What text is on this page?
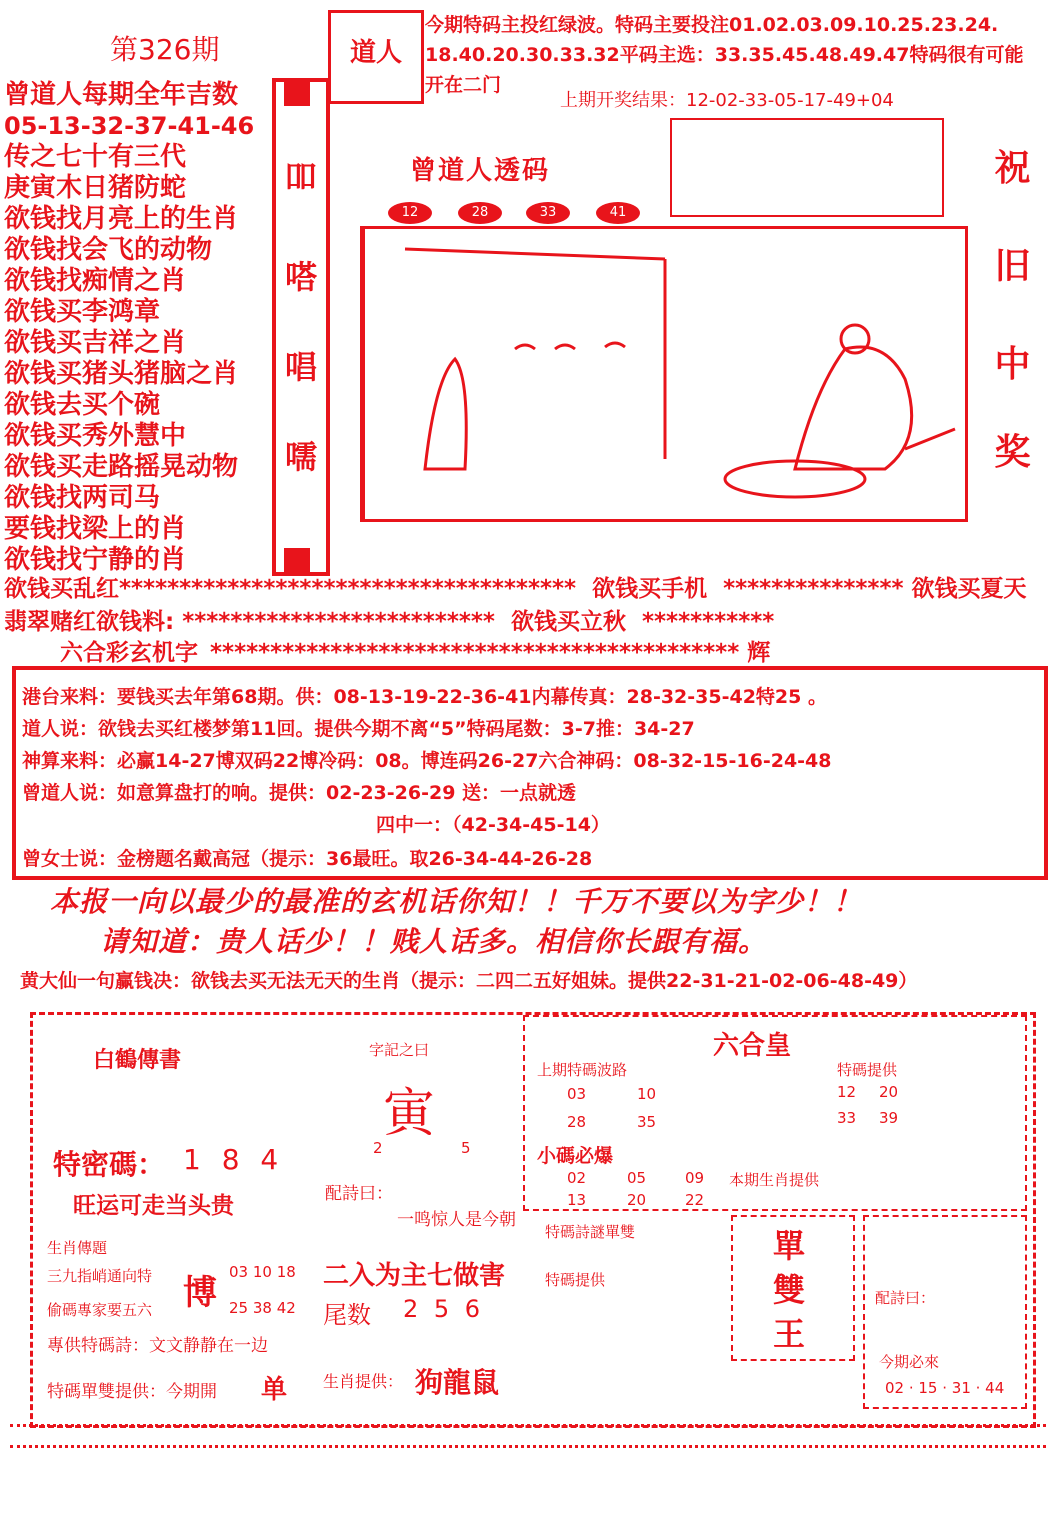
第326期	道人
今期特码主投红绿波。特码主要投注01.02.03.09.10.25.23.24.
18.40.20.30.33.32平码主选：33.35.45.48.49.47特码很有可能
开在二门
上期开奖结果：12-02-33-05-17-49+04
曾道人每期全年吉数
05-13-32-37-41-46
传之七十有三代
庚寅木日猪防蛇
欲钱找月亮上的生肖
欲钱找会飞的动物
欲钱找痴情之肖
欲钱买李鸿章
欲钱买吉祥之肖
欲钱买猪头猪脑之肖
欲钱去买个碗
欲钱买秀外慧中
欲钱买走路摇晃动物
欲钱找两司马
要钱找梁上的肖
欲钱找宁静的肖
吅
嗒
唱
嚅
曾道人透码
12	28	33	41
祝
旧
中
奖
欲钱买乱红************************************** 欲钱买手机 *************** 欲钱买夏天
翡翠赌红欲钱料: ************************** 欲钱买立秋 ***********
六合彩玄机字 ******************************************** 辉
港台来料：要钱买去年第68期。供：08-13-19-22-36-41内幕传真：28-32-35-42特25 。
道人说：欲钱去买红楼梦第11回。提供今期不离“5”特码尾数：3-7推：34-27
神算来料：必赢14-27博双码22博冷码：08。博连码26-27六合神码：08-32-15-16-24-48
曾道人说：如意算盘打的响。提供：02-23-26-29 送：一点就透
四中一：（42-34-45-14）
曾女士说：金榜题名戴高冠（提示：36最旺。取26-34-44-26-28
本报一向以最少的最准的玄机话你知！！千万不要以为字少！！
请知道：贵人话少！！贱人话多。相信你长跟有福。
黄大仙一句赢钱决：欲钱去买无法无天的生肖（提示：二四二五好姐妹。提供22-31-21-02-06-48-49）
白鶴傳書
特密碼： 1 8 4
旺运可走当头贵
生肖傳題
三九指峭通向特
偷碼專家要五六 博
03 10 18
25 38 42
專供特碼詩：文文静静在一边
特碼單雙提供：今期開 单
字記之曰
寅
2	5
配詩曰：
一鸣惊人是今朝
二入为主七做害
尾数 2 5 6
生肖提供： 狗龍鼠
六合皇
上期特碼波路	特碼提供
03	10
28	35
12 20
33 39
小碼必爆
02	05	09
13	20	22
本期生肖提供
特碼詩謎單雙
特碼提供
單
雙
王
配詩曰：
今期必來
02 · 15 · 31 · 44
